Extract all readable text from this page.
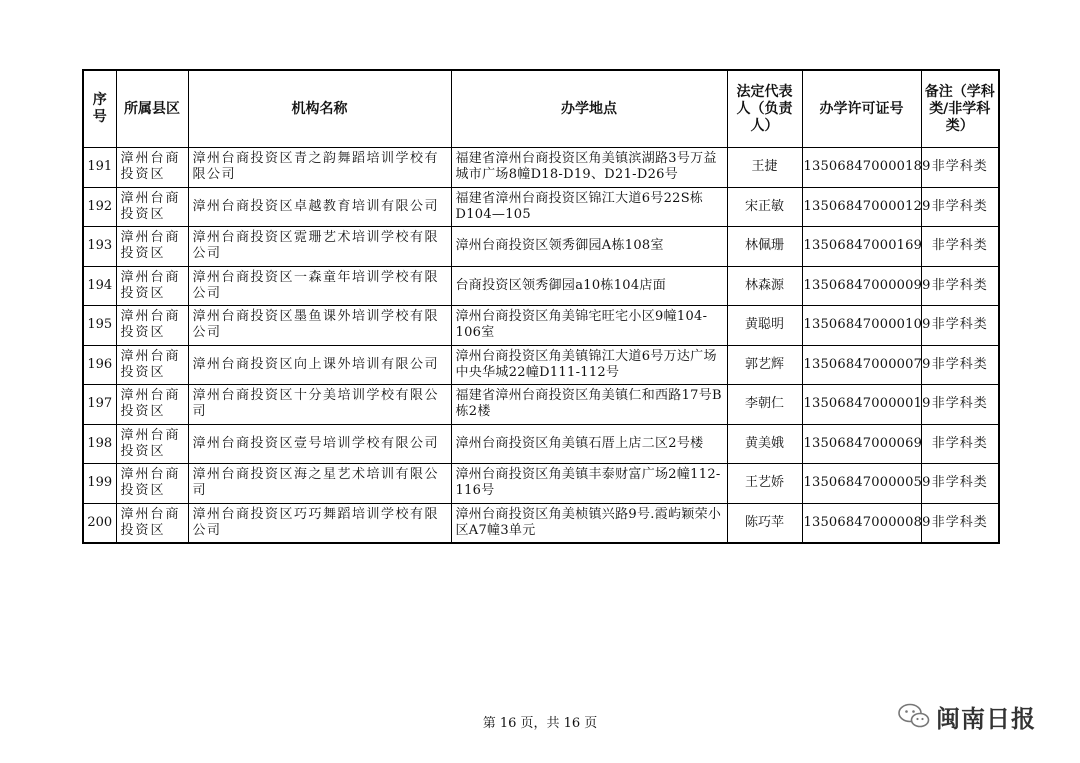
序号	所属县区	机构名称	办学地点	法定代表人（负责人）	办学许可证号	备注（学科类/非学科类）
191	漳州台商投资区	漳州台商投资区青之韵舞蹈培训学校有限公司	福建省漳州台商投资区角美镇滨湖路3号万益城市广场8幢D18-D19、D21-D26号	王捷	135068470000189	非学科类
192	漳州台商投资区	漳州台商投资区卓越教育培训有限公司	福建省漳州台商投资区锦江大道6号22S栋D104—105	宋正敏	135068470000129	非学科类
193	漳州台商投资区	漳州台商投资区霓珊艺术培训学校有限公司	漳州台商投资区领秀御园A栋108室	林佩珊	13506847000169	非学科类
194	漳州台商投资区	漳州台商投资区一森童年培训学校有限公司	台商投资区领秀御园a10栋104店面	林森源	135068470000099	非学科类
195	漳州台商投资区	漳州台商投资区墨鱼课外培训学校有限公司	漳州台商投资区角美锦宅旺宅小区9幢104-106室	黄聪明	135068470000109	非学科类
196	漳州台商投资区	漳州台商投资区向上课外培训有限公司	漳州台商投资区角美镇锦江大道6号万达广场中央华城22幢D111-112号	郭艺辉	135068470000079	非学科类
197	漳州台商投资区	漳州台商投资区十分美培训学校有限公司	福建省漳州台商投资区角美镇仁和西路17号B栋2楼	李朝仁	135068470000019	非学科类
198	漳州台商投资区	漳州台商投资区壹号培训学校有限公司	漳州台商投资区角美镇石厝上店二区2号楼	黄美娥	13506847000069	非学科类
199	漳州台商投资区	漳州台商投资区海之星艺术培训有限公司	漳州台商投资区角美镇丰泰财富广场2幢112-116号	王艺娇	135068470000059	非学科类
200	漳州台商投资区	漳州台商投资区巧巧舞蹈培训学校有限公司	漳州台商投资区角美桢镇兴路9号.霞屿颖荣小区A7幢3单元	陈巧苹	135068470000089	非学科类
第 16 页，共 16 页	闽南日报
